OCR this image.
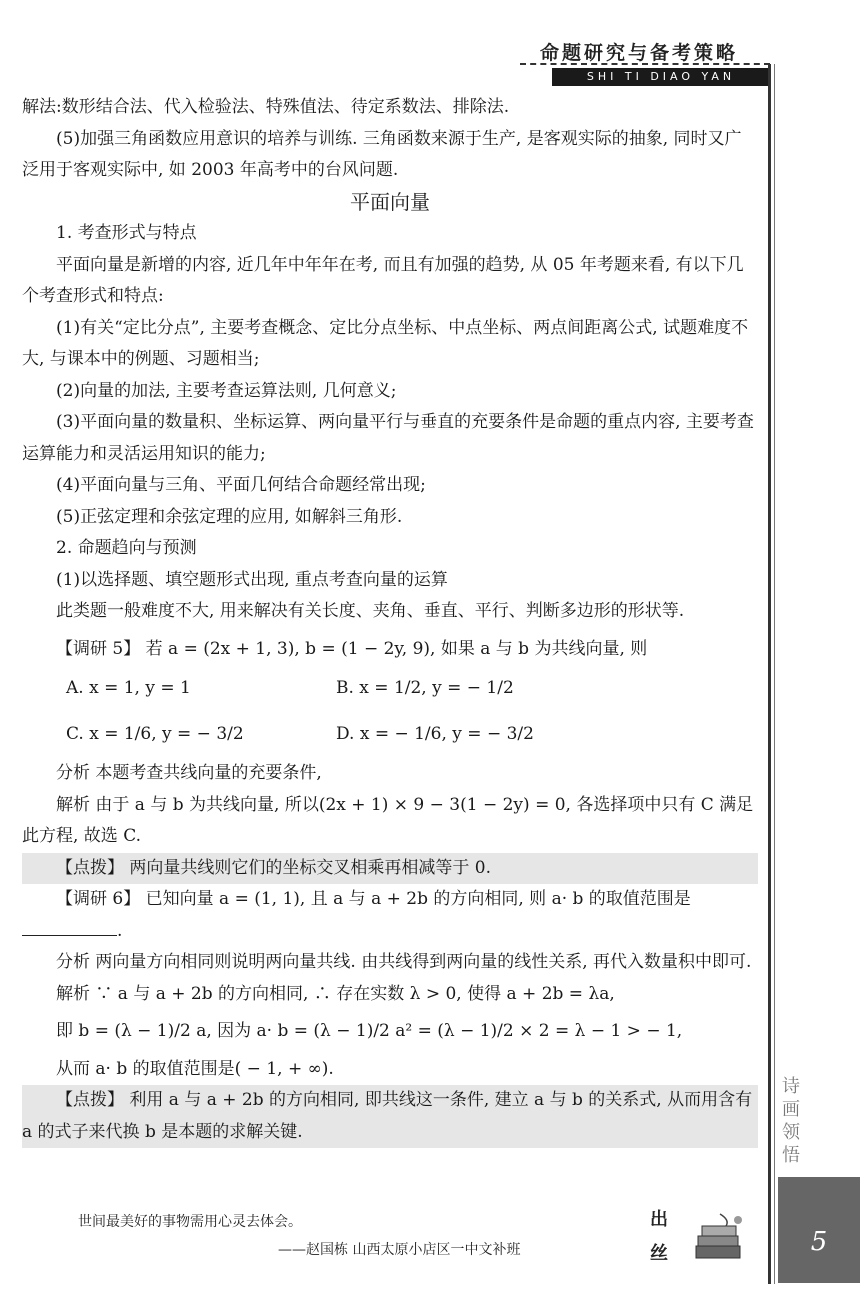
命题研究与备考策略
SHI TI DIAO YAN

解法:数形结合法、代入检验法、特殊值法、待定系数法、排除法.

(5)加强三角函数应用意识的培养与训练. 三角函数来源于生产, 是客观实际的抽象, 同时又广泛用于客观实际中, 如 2003 年高考中的台风问题.

平面向量

1. 考查形式与特点

平面向量是新增的内容, 近几年中年年在考, 而且有加强的趋势, 从 05 年考题来看, 有以下几个考查形式和特点:

(1)有关“定比分点”, 主要考查概念、定比分点坐标、中点坐标、两点间距离公式, 试题难度不大, 与课本中的例题、习题相当;

(2)向量的加法, 主要考查运算法则, 几何意义;

(3)平面向量的数量积、坐标运算、两向量平行与垂直的充要条件是命题的重点内容, 主要考查运算能力和灵活运用知识的能力;

(4)平面向量与三角、平面几何结合命题经常出现;

(5)正弦定理和余弦定理的应用, 如解斜三角形.

2. 命题趋向与预测

(1)以选择题、填空题形式出现, 重点考查向量的运算

此类题一般难度不大, 用来解决有关长度、夹角、垂直、平行、判断多边形的形状等.

【调研 5】 若 a = (2x + 1, 3), b = (1 − 2y, 9), 如果 a 与 b 为共线向量, 则

A. x = 1, y = 1	B. x = 1/2, y = − 1/2
C. x = 1/6, y = − 3/2	D. x = − 1/6, y = − 3/2

分析 本题考查共线向量的充要条件,

解析 由于 a 与 b 为共线向量, 所以(2x + 1) × 9 − 3(1 − 2y) = 0, 各选择项中只有 C 满足此方程, 故选 C.

【点拨】 两向量共线则它们的坐标交叉相乘再相减等于 0.

【调研 6】 已知向量 a = (1, 1), 且 a 与 a + 2b 的方向相同, 则 a· b 的取值范围是.

分析 两向量方向相同则说明两向量共线. 由共线得到两向量的线性关系, 再代入数量积中即可.

解析 ∵ a 与 a + 2b 的方向相同, ∴ 存在实数 λ > 0, 使得 a + 2b = λa,

即 b = (λ − 1)/2 a, 因为 a· b = (λ − 1)/2 a² = (λ − 1)/2 × 2 = λ − 1 > − 1,

从而 a· b 的取值范围是( − 1, + ∞).

【点拨】 利用 a 与 a + 2b 的方向相同, 即共线这一条件, 建立 a 与 b 的关系式, 从而用含有 a 的式子来代换 b 是本题的求解关键.

世间最美好的事物需用心灵去体会。
——赵国栋 山西太原小店区一中文补班
出
丝
诗画领悟
5
